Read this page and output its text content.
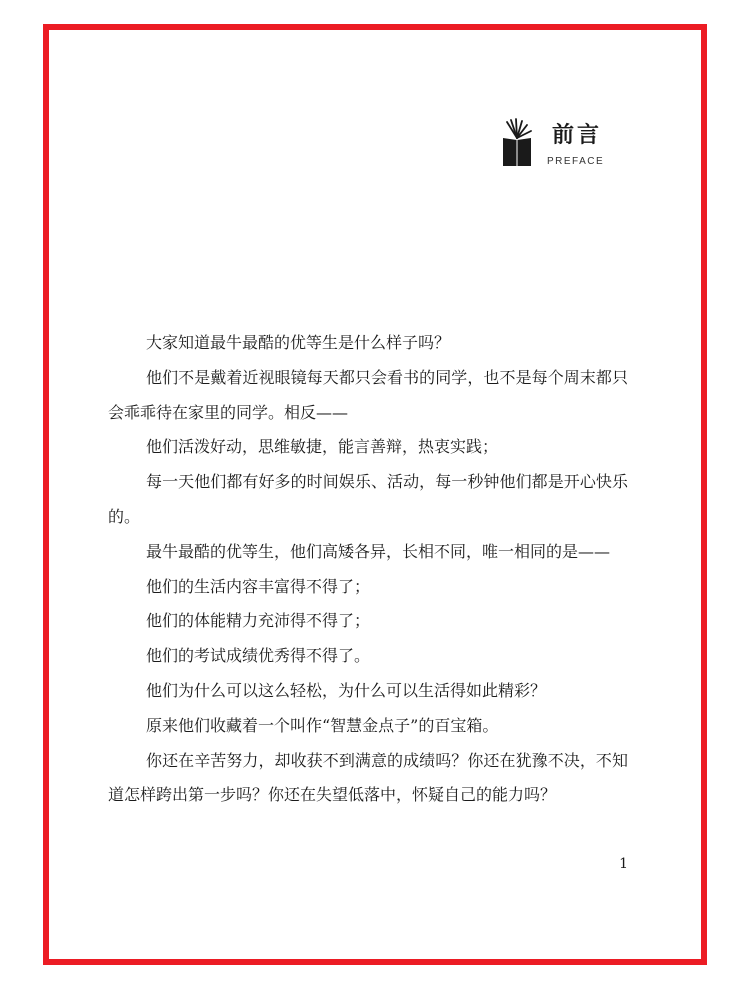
前言
PREFACE

大家知道最牛最酷的优等生是什么样子吗？

他们不是戴着近视眼镜每天都只会看书的同学，也不是每个周末都只会乖乖待在家里的同学。相反——

他们活泼好动，思维敏捷，能言善辩，热衷实践；

每一天他们都有好多的时间娱乐、活动，每一秒钟他们都是开心快乐的。

最牛最酷的优等生，他们高矮各异，长相不同，唯一相同的是——

他们的生活内容丰富得不得了；

他们的体能精力充沛得不得了；

他们的考试成绩优秀得不得了。

他们为什么可以这么轻松，为什么可以生活得如此精彩？

原来他们收藏着一个叫作“智慧金点子”的百宝箱。

你还在辛苦努力，却收获不到满意的成绩吗？你还在犹豫不决，不知道怎样跨出第一步吗？你还在失望低落中，怀疑自己的能力吗？

1
